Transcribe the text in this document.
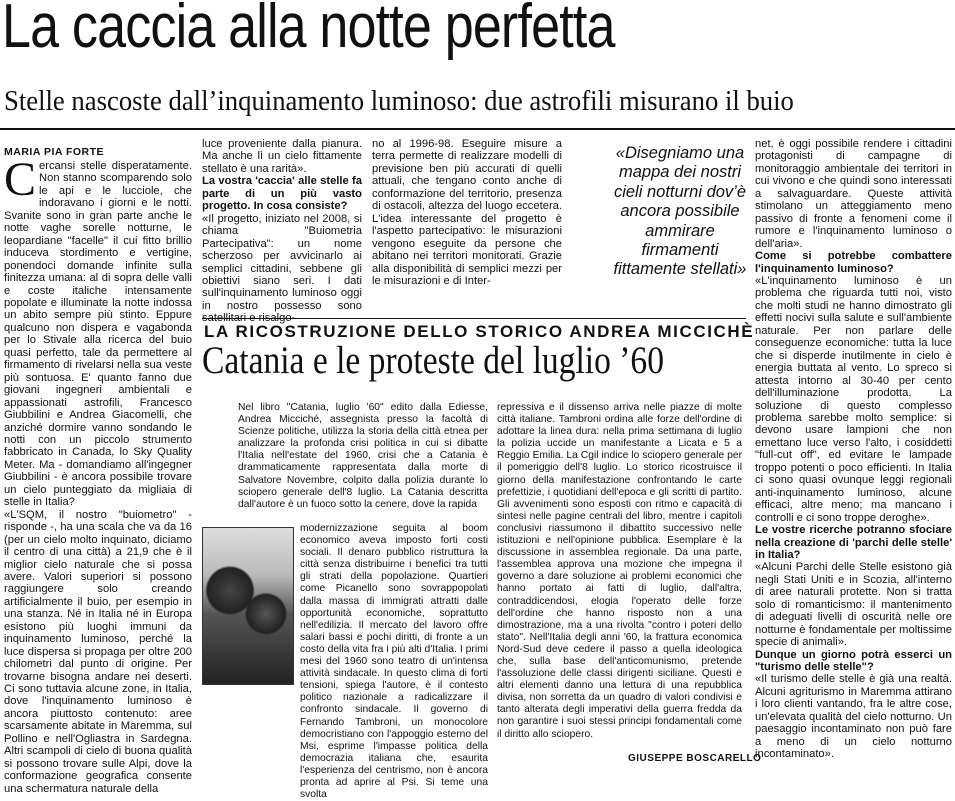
La caccia alla notte perfetta
Stelle nascoste dall’inquinamento luminoso: due astrofili misurano il buio
MARIA PIA FORTE

Cercansi stelle disperatamente. Non stanno scomparendo solo le api e le lucciole, che indoravano i giorni e le notti. Svanite sono in gran parte anche le notte vaghe sorelle notturne, le leopardiane "facelle" il cui fitto brillio induceva stordimento e vertigine, ponendoci domande infinite sulla finitezza umana: al di sopra delle valli e coste italiche intensamente popolate e illuminate la notte indossa un abito sempre più stinto. Eppure qualcuno non dispera e vagabonda per lo Stivale alla ricerca del buio quasi perfetto, tale da permettere al firmamento di rivelarsi nella sua veste più sontuosa. E' quanto fanno due giovani ingegneri ambientali e appassionati astrofili, Francesco Giubbilini e Andrea Giacomelli, che anziché dormire vanno sondando le notti con un piccolo strumento fabbricato in Canada, lo Sky Quality Meter. Ma - domandiamo all'ingegner Giubbilini - è ancora possibile trovare un cielo punteggiato da migliaia di stelle in Italia?

«L'SQM, il nostro "buiometro" - risponde -, ha una scala che va da 16 (per un cielo molto inquinato, diciamo il centro di una città) a 21,9 che è il miglior cielo naturale che si possa avere. Valori superiori si possono raggiungere solo creando artificialmente il buio, per esempio in una stanza. Né in Italia né in Europa esistono più luoghi immuni da inquinamento luminoso, perché la luce dispersa si propaga per oltre 200 chilometri dal punto di origine. Per trovarne bisogna andare nei deserti. Ci sono tuttavia alcune zone, in Italia, dove l'inquinamento luminoso è ancora piuttosto contenuto: aree scarsamente abitate in Maremma, sul Pollino e nell'Ogliastra in Sardegna. Altri scampoli di cielo di buona qualità si possono trovare sulle Alpi, dove la conformazione geografica consente una schermatura naturale della

luce proveniente dalla pianura. Ma anche lì un cielo fittamente stellato è una rarità».

La vostra 'caccia' alle stelle fa parte di un più vasto progetto. In cosa consiste?

«Il progetto, iniziato nel 2008, si chiama "Buiometria Partecipativa": un nome scherzoso per avvicinarlo ai semplici cittadini, sebbene gli obiettivi siano seri. I dati sull'inquinamento luminoso oggi in nostro possesso sono satellitari e risalgo-

no al 1996-98. Eseguire misure a terra permette di realizzare modelli di previsione ben più accurati di quelli attuali, che tengano conto anche di conformazione del territorio, presenza di ostacoli, altezza del luogo eccetera. L'idea interessante del progetto è l'aspetto partecipativo: le misurazioni vengono eseguite da persone che abitano nei territori monitorati. Grazie alla disponibilità di semplici mezzi per le misurazioni e di Inter-

«Disegniamo una mappa dei nostri cieli notturni dov’è ancora possibile ammirare firmamenti fittamente stellati»

net, è oggi possibile rendere i cittadini protagonisti di campagne di monitoraggio ambientale dei territori in cui vivono e che quindi sono interessati a salvaguardare. Queste attività stimolano un atteggiamento meno passivo di fronte a fenomeni come il rumore e l'inquinamento luminoso o dell'aria».

Come si potrebbe combattere l'inquinamento luminoso?

«L'inquinamento luminoso è un problema che riguarda tutti noi, visto che molti studi ne hanno dimostrato gli effetti nocivi sulla salute e sull'ambiente naturale. Per non parlare delle conseguenze economiche: tutta la luce che si disperde inutilmente in cielo è energia buttata al vento. Lo spreco si attesta intorno al 30-40 per cento dell'illuminazione prodotta. La soluzione di questo complesso problema sarebbe molto semplice: si devono usare lampioni che non emettano luce verso l'alto, i cosiddetti "full-cut off", ed evitare le lampade troppo potenti o poco efficienti. In Italia ci sono quasi ovunque leggi regionali anti-inquinamento luminoso, alcune efficaci, altre meno; ma mancano i controlli e ci sono troppe deroghe».

Le vostre ricerche potranno sfociare nella creazione di 'parchi delle stelle' in Italia?

«Alcuni Parchi delle Stelle esistono già negli Stati Uniti e in Scozia, all'interno di aree naturali protette. Non si tratta solo di romanticismo: il mantenimento di adeguati livelli di oscurità nelle ore notturne è fondamentale per moltissime specie di animali».

Dunque un giorno potrà esserci un "turismo delle stelle"?

«Il turismo delle stelle è già una realtà. Alcuni agriturismo in Maremma attirano i loro clienti vantando, fra le altre cose, un'elevata qualità del cielo notturno. Un paesaggio incontaminato non può fare a meno di un cielo notturno incontaminato».

LA RICOSTRUZIONE DELLO STORICO ANDREA MICCICHÈ
Catania e le proteste del luglio ’60

Nel libro "Catania, luglio '60" edito dalla Ediesse, Andrea Micciché, assegnista presso la facoltà di Scienze politiche, utilizza la storia della città etnea per analizzare la profonda crisi politica in cui si dibatte l'Italia nell'estate del 1960, crisi che a Catania è drammaticamente rappresentata dalla morte di Salvatore Novembre, colpito dalla polizia durante lo sciopero generale dell'8 luglio. La Catania descritta dall'autore è un fuoco sotto la cenere, dove la rapida

modernizzazione seguita al boom economico aveva imposto forti costi sociali. Il denaro pubblico ristruttura la città senza distribuirne i benefici tra tutti gli strati della popolazione. Quartieri come Picanello sono sovrappopolati dalla massa di immigrati attratti dalle opportunità economiche, soprattutto nell'edilizia. Il mercato del lavoro offre salari bassi e pochi diritti, di fronte a un costo della vita fra i più alti d'Italia. I primi mesi del 1960 sono teatro di un'intensa attività sindacale. In questo clima di forti tensioni, spiega l'autore, è il contesto politico nazionale a radicalizzare il confronto sindacale. Il governo di Fernando Tambroni, un monocolore democristiano con l'appoggio esterno del Msi, esprime l'impasse politica della democrazia italiana che, esaurita l'esperienza del centrismo, non è ancora pronta ad aprire al Psi. Si teme una svolta

repressiva e il dissenso arriva nelle piazze di molte città italiane. Tambroni ordina alle forze dell'ordine di adottare la linea dura: nella prima settimana di luglio la polizia uccide un manifestante a Licata e 5 a Reggio Emilia. La Cgil indice lo sciopero generale per il pomeriggio dell'8 luglio. Lo storico ricostruisce il giorno della manifestazione confrontando le carte prefettizie, i quotidiani dell'epoca e gli scritti di partito. Gli avvenimenti sono esposti con ritmo e capacità di sintesi nelle pagine centrali del libro, mentre i capitoli conclusivi riassumono il dibattito successivo nelle istituzioni e nell'opinione pubblica. Esemplare è la discussione in assemblea regionale. Da una parte, l'assemblea approva una mozione che impegna il governo a dare soluzione ai problemi economici che hanno portato ai fatti di luglio, dall'altra, contraddicendosi, elogia l'operato delle forze dell'ordine che hanno risposto non a una dimostrazione, ma a una rivolta "contro i poteri dello stato". Nell'Italia degli anni '60, la frattura economica Nord-Sud deve cedere il passo a quella ideologica che, sulla base dell'anticomunismo, pretende l'assoluzione delle classi dirigenti siciliane. Questi e altri elementi danno una lettura di una repubblica divisa, non sorretta da un quadro di valori condivisi e tanto alterata degli imperativi della guerra fredda da non garantire i suoi stessi principi fondamentali come il diritto allo sciopero.

GIUSEPPE BOSCARELLO
